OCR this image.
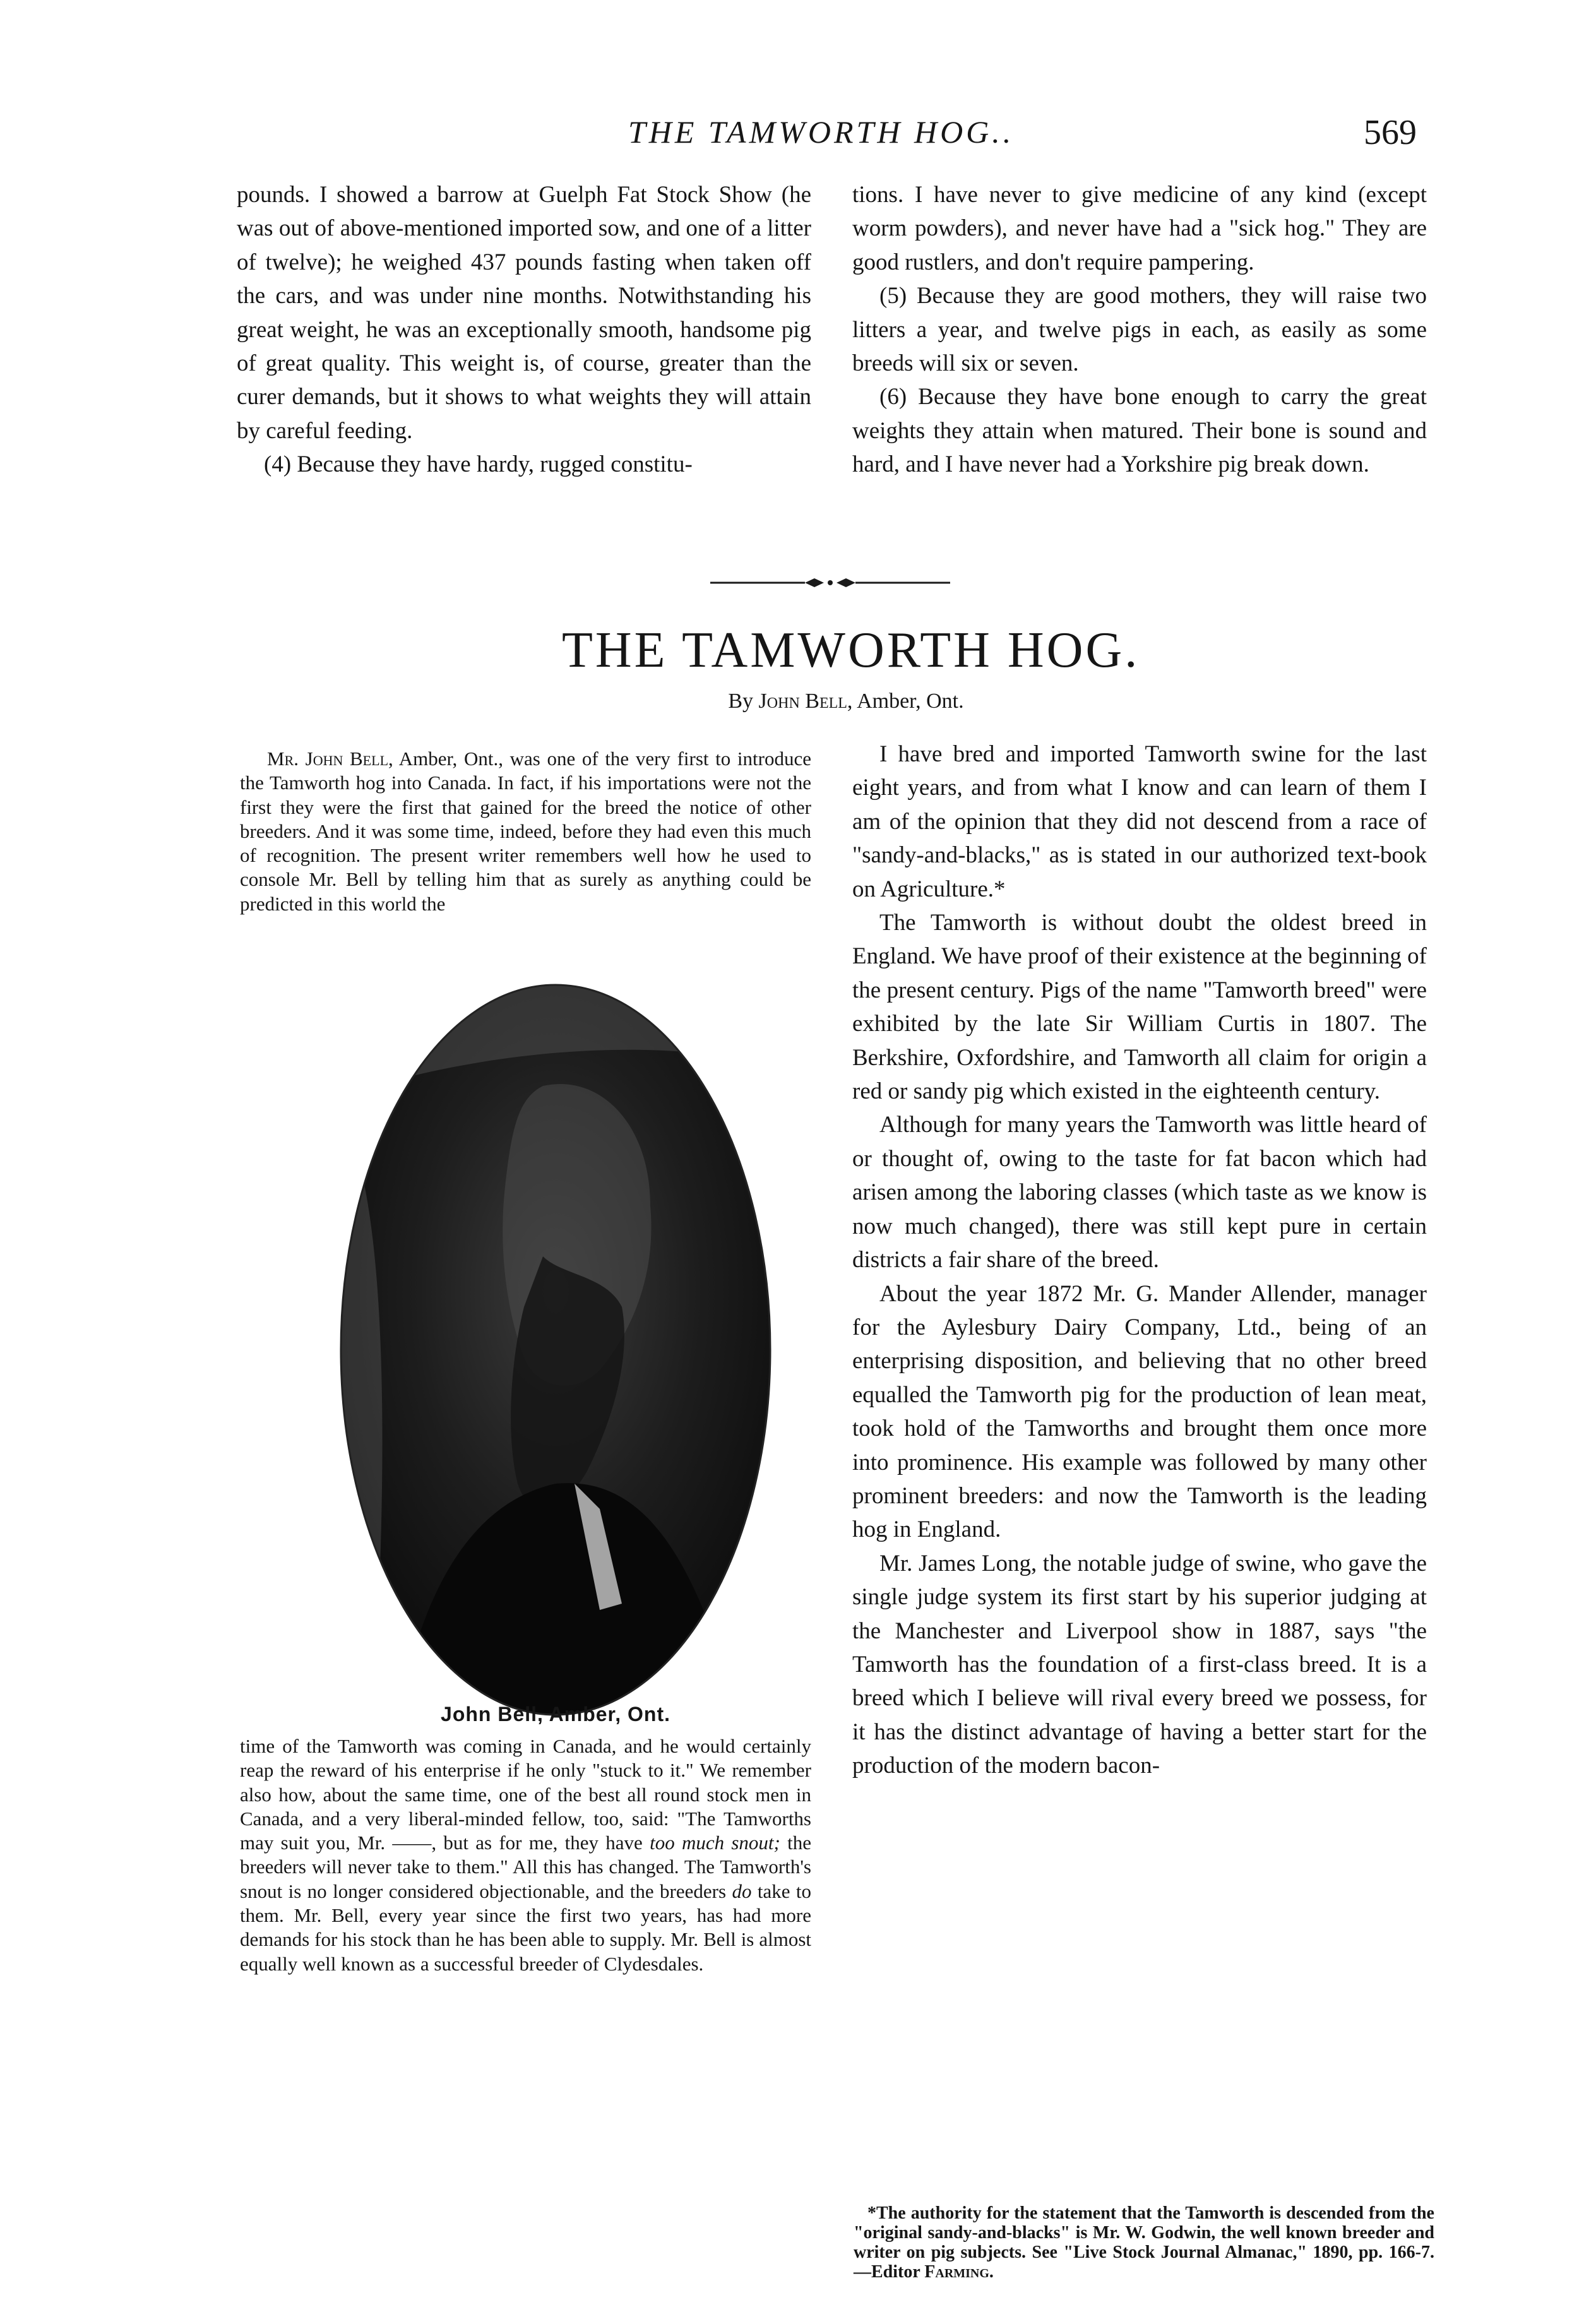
THE TAMWORTH HOG..	569

pounds. I showed a barrow at Guelph Fat Stock Show (he was out of above-mentioned imported sow, and one of a litter of twelve); he weighed 437 pounds fasting when taken off the cars, and was under nine months. Notwithstanding his great weight, he was an exceptionally smooth, handsome pig of great quality. This weight is, of course, greater than the curer demands, but it shows to what weights they will attain by careful feeding.

(4) Because they have hardy, rugged constitu-

tions. I have never to give medicine of any kind (except worm powders), and never have had a "sick hog." They are good rustlers, and don't require pampering.

(5) Because they are good mothers, they will raise two litters a year, and twelve pigs in each, as easily as some breeds will six or seven.

(6) Because they have bone enough to carry the great weights they attain when matured. Their bone is sound and hard, and I have never had a Yorkshire pig break down.

THE TAMWORTH HOG.
By John Bell, Amber, Ont.

Mr. John Bell, Amber, Ont., was one of the very first to introduce the Tamworth hog into Canada. In fact, if his importations were not the first they were the first that gained for the breed the notice of other breeders. And it was some time, indeed, before they had even this much of recognition. The present writer remembers well how he used to console Mr. Bell by telling him that as surely as anything could be predicted in this world the

John Bell, Amber, Ont.

time of the Tamworth was coming in Canada, and he would certainly reap the reward of his enterprise if he only "stuck to it." We remember also how, about the same time, one of the best all round stock men in Canada, and a very liberal-minded fellow, too, said: "The Tamworths may suit you, Mr. ——, but as for me, they have too much snout; the breeders will never take to them." All this has changed. The Tamworth's snout is no longer considered objectionable, and the breeders do take to them. Mr. Bell, every year since the first two years, has had more demands for his stock than he has been able to supply. Mr. Bell is almost equally well known as a successful breeder of Clydesdales.

I have bred and imported Tamworth swine for the last eight years, and from what I know and can learn of them I am of the opinion that they did not descend from a race of "sandy-and-blacks," as is stated in our authorized text-book on Agriculture.*

The Tamworth is without doubt the oldest breed in England. We have proof of their existence at the beginning of the present century. Pigs of the name "Tamworth breed" were exhibited by the late Sir William Curtis in 1807. The Berkshire, Oxfordshire, and Tamworth all claim for origin a red or sandy pig which existed in the eighteenth century.

Although for many years the Tamworth was little heard of or thought of, owing to the taste for fat bacon which had arisen among the laboring classes (which taste as we know is now much changed), there was still kept pure in certain districts a fair share of the breed.

About the year 1872 Mr. G. Mander Allender, manager for the Aylesbury Dairy Company, Ltd., being of an enterprising disposition, and believing that no other breed equalled the Tamworth pig for the production of lean meat, took hold of the Tamworths and brought them once more into prominence. His example was followed by many other prominent breeders: and now the Tamworth is the leading hog in England.

Mr. James Long, the notable judge of swine, who gave the single judge system its first start by his superior judging at the Manchester and Liverpool show in 1887, says "the Tamworth has the foundation of a first-class breed. It is a breed which I believe will rival every breed we possess, for it has the distinct advantage of having a better start for the production of the modern bacon-

*The authority for the statement that the Tamworth is descended from the "original sandy-and-blacks" is Mr. W. Godwin, the well known breeder and writer on pig subjects. See "Live Stock Journal Almanac," 1890, pp. 166-7.—Editor Farming.
